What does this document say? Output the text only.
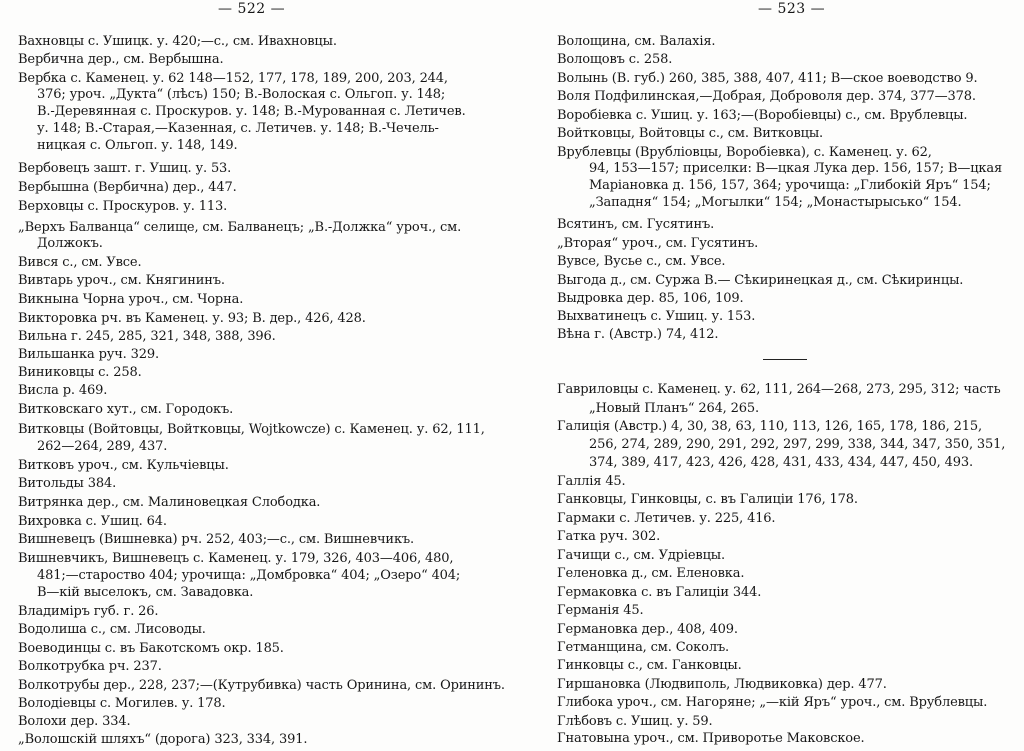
— 522 —
Вахновцы с. Ушицк. у. 420;—с., см. Ивахновцы.
Вербична дер., см. Вербышна.
Вербка с. Каменец. у. 62 148—152, 177, 178, 189, 200, 203, 244,
376; уроч. „Дукта“ (лѣсъ) 150; В.-Волоская с. Ольгоп. у. 148;
В.-Деревянная с. Проскуров. у. 148; В.-Мурованная с. Летичев.
у. 148; В.-Старая,—Казенная, с. Летичев. у. 148; В.-Чечель-
ницкая с. Ольгоп. у. 148, 149.
Вербовецъ зашт. г. Ушиц. у. 53.
Вербышна (Вербична) дер., 447.
Верховцы с. Проскуров. у. 113.
„Верхъ Балванца“ селище, см. Балванецъ; „В.-Должка“ уроч., см.
Должокъ.
Вився с., см. Увсе.
Вивтарь уроч., см. Княгининъ.
Викнына Чорна уроч., см. Чорна.
Викторовка рч. въ Каменец. у. 93; В. дер., 426, 428.
Вильна г. 245, 285, 321, 348, 388, 396.
Вильшанка руч. 329.
Виниковцы с. 258.
Висла р. 469.
Витковскаго хут., см. Городокъ.
Витковцы (Войтовцы, Войтковцы, Wojtkowcze) с. Каменец. у. 62, 111,
262—264, 289, 437.
Витковъ уроч., см. Кульчiевцы.
Витольды 384.
Витрянка дер., см. Малиновецкая Слободка.
Вихровка с. Ушиц. 64.
Вишневецъ (Вишневка) рч. 252, 403;—с., см. Вишневчикъ.
Вишневчикъ, Вишневецъ с. Каменец. у. 179, 326, 403—406, 480,
481;—староство 404; урочища: „Домбровка“ 404; „Озеро“ 404;
В—кiй выселокъ, см. Завадовка.
Владимiръ губ. г. 26.
Водолиша с., см. Лисоводы.
Воеводинцы с. въ Бакотскомъ окр. 185.
Волкотрубка рч. 237.
Волкотрубы дер., 228, 237;—(Кутрубивка) часть Оринина, см. Орининъ.
Володiевцы с. Могилев. у. 178.
Волохи дер. 334.
„Волошскiй шляхъ“ (дорога) 323, 334, 391.
— 523 —
Волощина, см. Валахiя.
Волощовъ с. 258.
Волынь (В. губ.) 260, 385, 388, 407, 411; В—ское воеводство 9.
Воля Подфилинская,—Добрая, Доброволя дер. 374, 377—378.
Воробiевка с. Ушиц. у. 163;—(Воробiевцы) с., см. Врублевцы.
Войтковцы, Войтовцы с., см. Витковцы.
Врублевцы (Врублiовцы, Воробiевка), с. Каменец. у. 62,
94, 153—157; приселки: В—цкая Лука дер. 156, 157; В—цкая
Марiановка д. 156, 157, 364; урочища: „Глибокiй Яръ“ 154;
„Западня“ 154; „Могылки“ 154; „Монастырысько“ 154.
Всятинъ, см. Гусятинъ.
„Вторая“ уроч., см. Гусятинъ.
Вувсе, Вусье с., см. Увсе.
Выгода д., см. Суржа В.— Сѣкиринецкая д., см. Сѣкиринцы.
Выдровка дер. 85, 106, 109.
Выхватинецъ с. Ушиц. у. 153.
Вѣна г. (Австр.) 74, 412.
Гавриловцы с. Каменец. у. 62, 111, 264—268, 273, 295, 312; часть
„Новый Планъ“ 264, 265.
Галицiя (Австр.) 4, 30, 38, 63, 110, 113, 126, 165, 178, 186, 215,
256, 274, 289, 290, 291, 292, 297, 299, 338, 344, 347, 350, 351,
374, 389, 417, 423, 426, 428, 431, 433, 434, 447, 450, 493.
Галлiя 45.
Ганковцы, Гинковцы, с. въ Галицiи 176, 178.
Гармаки с. Летичев. у. 225, 416.
Гатка руч. 302.
Гачищи с., см. Удрiевцы.
Геленовка д., см. Еленовка.
Гермаковка с. въ Галицiи 344.
Германiя 45.
Германовка дер., 408, 409.
Гетманщина, см. Соколъ.
Гинковцы с., см. Ганковцы.
Гиршановка (Людвиполь, Людвиковка) дер. 477.
Глибока уроч., см. Нагоряне; „—кiй Яръ“ уроч., см. Врублевцы.
Глѣбовъ с. Ушиц. у. 59.
Гнатовына уроч., см. Приворотье Маковское.
